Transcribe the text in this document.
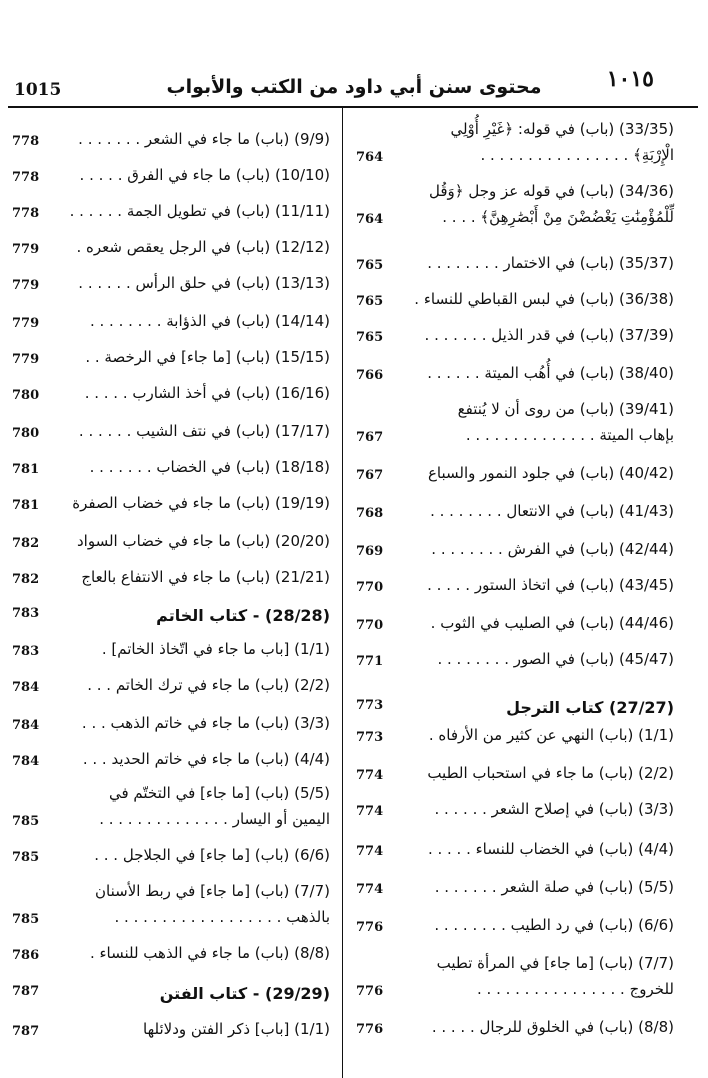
1015	محتوى سنن أبي داود من الكتب والأبواب	١٠١٥
(9/9) (باب) ما جاء في الشعر . . . . . . .
778
(10/10) (باب) ما جاء في الفرق . . . . .
778
(11/11) (باب) في تطويل الجمة . . . . . .
778
(12/12) (باب) في الرجل يعقص شعره .
779
(13/13) (باب) في حلق الرأس . . . . . .
779
(14/14) (باب) في الذؤابة . . . . . . . .
779
(15/15) (باب) [ما جاء] في الرخصة . .
779
(16/16) (باب) في أخذ الشارب . . . . .
780
(17/17) (باب) في نتف الشيب . . . . . .
780
(18/18) (باب) في الخضاب . . . . . . .
781
(19/19) (باب) ما جاء في خضاب الصفرة
781
(20/20) (باب) ما جاء في خضاب السواد
782
(21/21) (باب) ما جاء في الانتفاع بالعاج
782
(28/28) - كتاب الخاتم
783
(1/1) [باب ما جاء في اتّخاذ الخاتم] .
783
(2/2) (باب) ما جاء في ترك الخاتم . . .
784
(3/3) (باب) ما جاء في خاتم الذهب . . .
784
(4/4) (باب) ما جاء في خاتم الحديد . . .
784
(5/5) (باب) [ما جاء] في التختّم في
اليمين أو اليسار . . . . . . . . . . . . . .
785
(6/6) (باب) [ما جاء] في الجلاجل . . .
785
(7/7) (باب) [ما جاء] في ربط الأسنان
بالذهب . . . . . . . . . . . . . . . . . .
785
(8/8) (باب) ما جاء في الذهب للنساء .
786
(29/29) - كتاب الفتن
787
(1/1) [باب] ذكر الفتن ودلائلها
787
(33/35) (باب) في قوله: ﴿غَيْرِ أُوْلِي
الْإِرْبَةِ﴾ . . . . . . . . . . . . . . . .
764
(34/36) (باب) في قوله عز وجل ﴿وَقُل
لِّلْمُؤْمِنَٰتِ يَغْضُضْنَ مِنْ أَبْصَٰرِهِنَّ﴾ . . . .
764
(35/37) (باب) في الاختمار . . . . . . . .
765
(36/38) (باب) في لبس القباطي للنساء .
765
(37/39) (باب) في قدر الذيل . . . . . . .
765
(38/40) (باب) في أُهُب الميتة . . . . . .
766
(39/41) (باب) من روى أن لا يُنتفع
بإهاب الميتة . . . . . . . . . . . . . .
767
(40/42) (باب) في جلود النمور والسباع
767
(41/43) (باب) في الانتعال . . . . . . . .
768
(42/44) (باب) في الفرش . . . . . . . .
769
(43/45) (باب) في اتخاذ الستور . . . . .
770
(44/46) (باب) في الصليب في الثوب .
770
(45/47) (باب) في الصور . . . . . . . .
771
(27/27) كتاب الترجل
773
(1/1) (باب) النهي عن كثير من الأرفاه .
773
(2/2) (باب) ما جاء في استحباب الطيب
774
(3/3) (باب) في إصلاح الشعر . . . . . .
774
(4/4) (باب) في الخضاب للنساء . . . . .
774
(5/5) (باب) في صلة الشعر . . . . . . .
774
(6/6) (باب) في رد الطيب . . . . . . . .
776
(7/7) (باب) [ما جاء] في المرأة تطيب
للخروج . . . . . . . . . . . . . . . .
776
(8/8) (باب) في الخلوق للرجال . . . . .
776
